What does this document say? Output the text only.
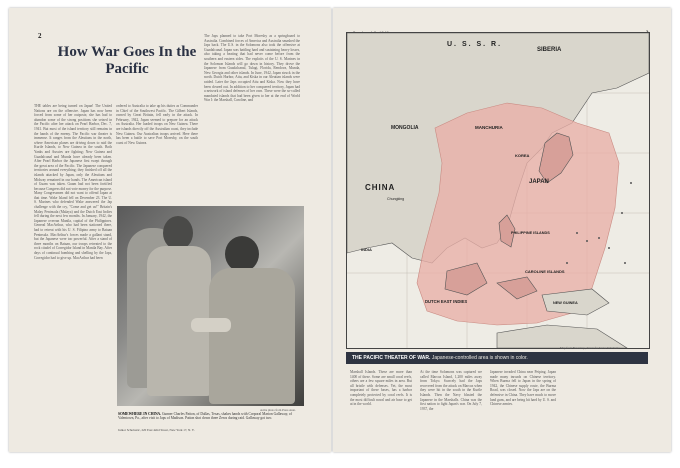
2
How War Goes In the Pacific

THE tables are being turned on Japan! The United Nations are on the offensive. Japan has now been forced from some of her outposts; she has had to abandon some of the strong positions she seized in the Pacific after her attack on Pearl Harbor, Dec. 7, 1941. But most of the island territory still remains in the hands of the enemy. The Pacific war theater is immense. It ranges from the Aleutians in the north, where American planes are driving down to raid the Kurile Islands, to New Guinea in the south. Both Yanks and Aussies are fighting; New Guinea and Guadalcanal and Munda have already been taken. After Pearl Harbor the Japanese first swept through the great area of the Pacific. The Japanese conquered territories around everything; they finished off all the islands attacked by Japan, only the Aleutians and Midway remained in our hands. The American island of Guam was taken. Guam had not been fortified because Congress did not vote money for the purpose. Many Congressmen did not want to offend Japan at that time. Wake Island fell on December 23. The U. S. Marines who defended Wake answered the Jap challenge with the cry, "Come and get us!" Britain's Malay Peninsula (Malaya) and the Dutch East Indies fell during the next few months. In January, 1942, the Japanese overran Manila, capital of the Philippines. General MacArthur, who had been stationed there, had to retreat with his U. S. Filipino army to Bataan Peninsula. MacArthur's forces made a gallant stand, but the Japanese were too powerful. After a stand of three months on Bataan, our troops retreated to the rock citadel of Corregidor Island in Manila Bay. After days of continual bombing and shelling by the Japs, Corregidor had to give up. MacArthur had been

ordered to Australia to take up his duties as Commander in Chief of the Southwest Pacific. The Gilbert Islands, owned by Great Britain, fell early in the attack. In February, 1942, Japan seemed to prepare for an attack on Australia. Her loaded troops on New Guinea. There are islands directly off the Australian coast, they include New Guinea. Our Australian troops arrived. Here there has been a battle to save Port Moresby, on the south coast of New Guinea.

The Japs planned to take Port Moresby as a springboard to Australia. Combined forces of America and Australia smashed the Japs back. The U.S. in the Solomons also took the offensive at Guadalcanal. Japan was battling hard and sustaining heavy losses, also taking a beating that had never come before from the southern and eastern sides. The exploits of the U. S. Marines in the Solomon Islands will go down in history. They drove the Japanese from Guadalcanal, Tulagi, Florida, Rendova, Munda, New Georgia and other islands. In June, 1942, Japan struck in the north. Dutch Harbor, Attu, and Kiska in our Aleutian islands were raided. Later the Japs occupied Attu and Kiska. Now they have been cleared out. In addition to her conquered territory, Japan had a network of island defenses of her own. These were the so-called mandated islands that had been given to her at the end of World War I: the Marshall, Caroline, and

Acme photo from Press Assn.
SOMEWHERE IN CHINA. Gunner Charles Patton, of Dallas, Texas, shakes hands with Corporal Marion Gallaway, of Valentown, Pa., after visit to Japs of Madison. Patton shot down three Zeros during raid. Gallaway got two.
Junior Scholastic, 220 East 42nd Street, New York 17, N. Y.
U. S. S. R.
SIBERIA
MONGOLIA	MANCHURIA
KOREA
JAPAN
CHINA
Chungking
INDIA
PHILIPPINE ISLANDS
CAROLINE ISLANDS
DUTCH EAST INDIES	NEW GUINEA
Map from Newsmap, drawn for Junior Scholastic
THE PACIFIC THEATER OF WAR. Japanese-controlled area is shown in color.

Marshall Islands. These are more than 1400 of these. Some are small coral reefs, others are a few square miles in area. But all bristle with defenses. Yet, the most important of these bases, has a harbor completely protected by coral reefs. It is the most difficult naval and air base to get at in the world.

At the time Solomons was captured we called Marcus Island, 1,200 miles away from Tokyo. Scarcely had the Japs recovered from the attack on Marcus when they were hit in the south in the Kurile Islands. Then the Navy blasted the Japanese in the Marshalls. China was the first nation to fight Japan's war. On July 7, 1937, the

Japanese invaded China near Peiping. Japan made many inroads on Chinese territory. When Burma fell to Japan in the spring of 1942, the Chinese supply route, the Burma Road, was closed. Now the Japs are on the defensive in China. They have much to move land guns, and are being hit hard by U. S. and Chinese armies.
